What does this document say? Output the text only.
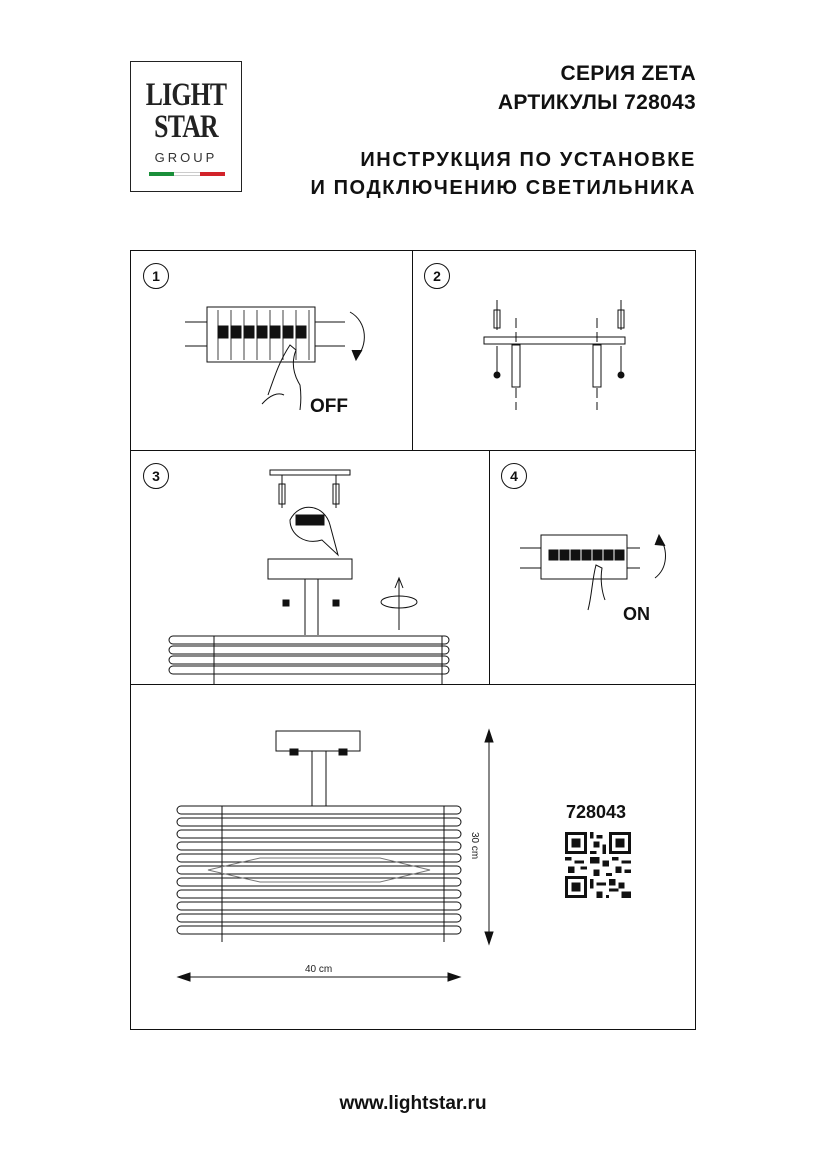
LIGHT
STAR
GROUP
СЕРИЯ ZETA
АРТИКУЛЫ 728043
ИНСТРУКЦИЯ ПО УСТАНОВКЕ
И ПОДКЛЮЧЕНИЮ СВЕТИЛЬНИКА
1	2
3	4
OFF
ON
30 cm
40 cm
728043
www.lightstar.ru
